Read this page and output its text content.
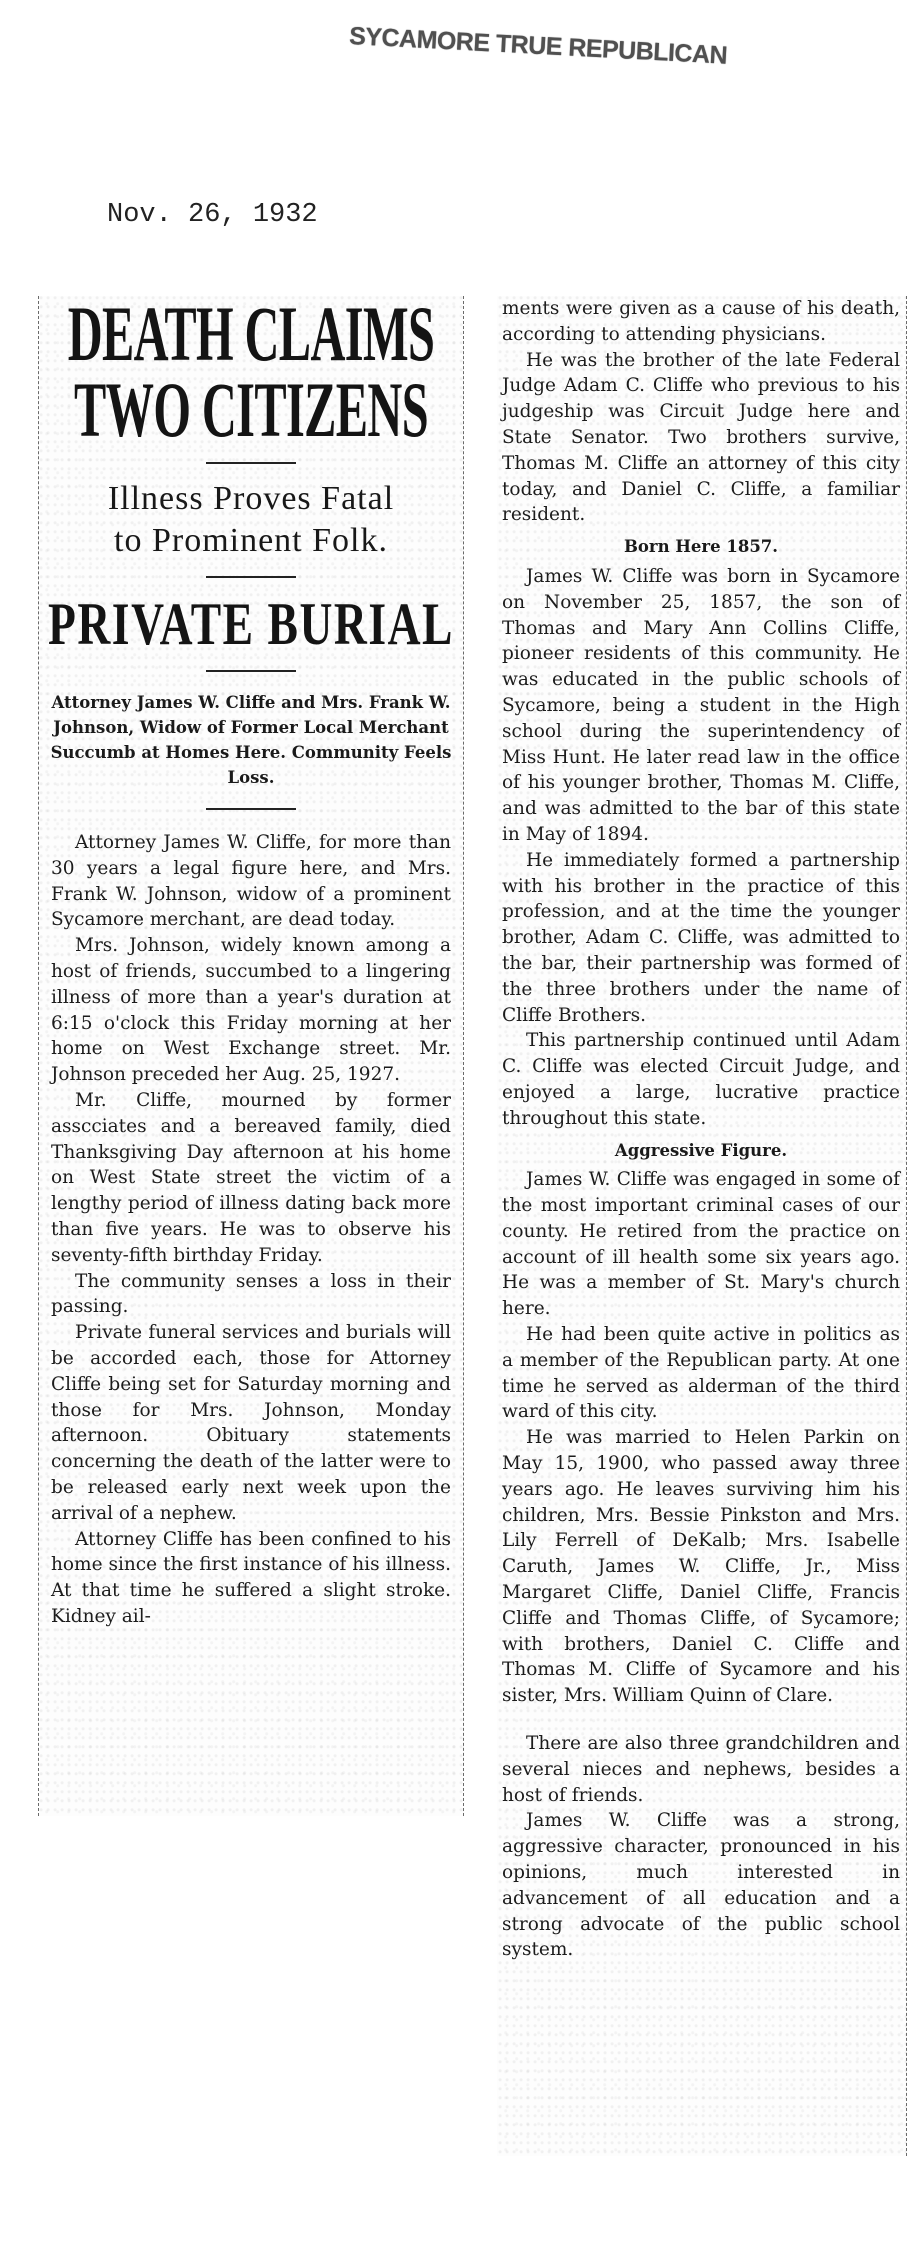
SYCAMORE TRUE REPUBLICAN
Nov. 26, 1932
DEATH CLAIMS
TWO CITIZENS
Illness Proves Fatal
to Prominent Folk.
PRIVATE BURIAL
Attorney James W. Cliffe and Mrs. Frank W. Johnson, Widow of Former Local Merchant Succumb at Homes Here. Community Feels Loss.

Attorney James W. Cliffe, for more than 30 years a legal figure here, and Mrs. Frank W. Johnson, widow of a prominent Sycamore merchant, are dead today.

Mrs. Johnson, widely known among a host of friends, succumbed to a lingering illness of more than a year's duration at 6:15 o'clock this Friday morning at her home on West Exchange street. Mr. Johnson preceded her Aug. 25, 1927.

Mr. Cliffe, mourned by former asscciates and a bereaved family, died Thanksgiving Day afternoon at his home on West State street the victim of a lengthy period of illness dating back more than five years. He was to observe his seventy-fifth birthday Friday.

The community senses a loss in their passing.

Private funeral services and burials will be accorded each, those for Attorney Cliffe being set for Saturday morning and those for Mrs. Johnson, Monday afternoon. Obituary statements concerning the death of the latter were to be released early next week upon the arrival of a nephew.

Attorney Cliffe has been confined to his home since the first instance of his illness. At that time he suffered a slight stroke. Kidney ail-

ments were given as a cause of his death, according to attending physicians.

He was the brother of the late Federal Judge Adam C. Cliffe who previous to his judgeship was Circuit Judge here and State Senator. Two brothers survive, Thomas M. Cliffe an attorney of this city today, and Daniel C. Cliffe, a familiar resident.

Born Here 1857.

James W. Cliffe was born in Sycamore on November 25, 1857, the son of Thomas and Mary Ann Collins Cliffe, pioneer residents of this community. He was educated in the public schools of Sycamore, being a student in the High school during the superintendency of Miss Hunt. He later read law in the office of his younger brother, Thomas M. Cliffe, and was admitted to the bar of this state in May of 1894.

He immediately formed a partnership with his brother in the practice of this profession, and at the time the younger brother, Adam C. Cliffe, was admitted to the bar, their partnership was formed of the three brothers under the name of Cliffe Brothers.

This partnership continued until Adam C. Cliffe was elected Circuit Judge, and enjoyed a large, lucrative practice throughout this state.

Aggressive Figure.

James W. Cliffe was engaged in some of the most important criminal cases of our county. He retired from the practice on account of ill health some six years ago. He was a member of St. Mary's church here.

He had been quite active in politics as a member of the Republican party. At one time he served as alderman of the third ward of this city.

He was married to Helen Parkin on May 15, 1900, who passed away three years ago. He leaves surviving him his children, Mrs. Bessie Pinkston and Mrs. Lily Ferrell of DeKalb; Mrs. Isabelle Caruth, James W. Cliffe, Jr., Miss Margaret Cliffe, Daniel Cliffe, Francis Cliffe and Thomas Cliffe, of Sycamore; with brothers, Daniel C. Cliffe and Thomas M. Cliffe of Sycamore and his sister, Mrs. William Quinn of Clare.

There are also three grandchildren and several nieces and nephews, besides a host of friends.

James W. Cliffe was a strong, aggressive character, pronounced in his opinions, much interested in advancement of all education and a strong advocate of the public school system.
